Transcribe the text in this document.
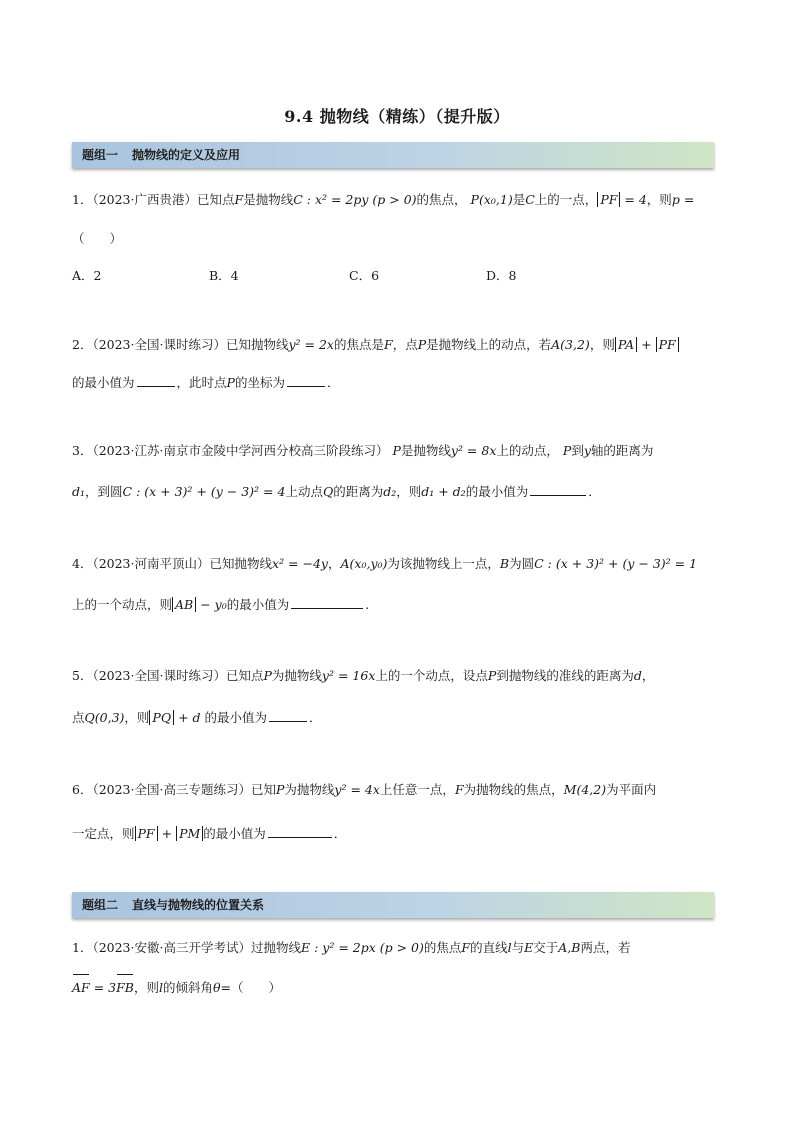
9.4 抛物线（精练）（提升版）
题组一 抛物线的定义及应用
1．（2023·广西贵港）已知点F是抛物线C : x² = 2py (p > 0)的焦点， P(x₀,1)是C上的一点， PF = 4，则p =
（　　）
A．2	B．4	C．6	D．8
2．（2023·全国·课时练习）已知抛物线y² = 2x的焦点是F，点P是抛物线上的动点，若A(3,2)，则 PA + PF
的最小值为	，此时点P的坐标为	．
3．（2023·江苏·南京市金陵中学河西分校高三阶段练习） P是抛物线y² = 8x上的动点， P到y轴的距离为
d₁，到圆C : (x + 3)² + (y − 3)² = 4上动点Q的距离为d₂，则d₁ + d₂的最小值为	．
4．（2023·河南平顶山）已知抛物线x² = −4y，A(x₀,y₀)为该抛物线上一点，B为圆C : (x + 3)² + (y − 3)² = 1
上的一个动点，则 AB − y₀的最小值为	.
5．（2023·全国·课时练习）已知点P为抛物线y² = 16x上的一个动点，设点P到抛物线的准线的距离为d，
点Q(0,3)，则 PQ + d 的最小值为	．
6．（2023·全国·高三专题练习）已知P为抛物线y² = 4x上任意一点，F为抛物线的焦点，M(4,2)为平面内
一定点，则 PF + PM 的最小值为	．
题组二 直线与抛物线的位置关系
1．（2023·安徽·高三开学考试）过抛物线E : y² = 2px (p > 0)的焦点F的直线l与E交于A,B两点，若
AF = 3FB，则l的倾斜角θ=（　　）
